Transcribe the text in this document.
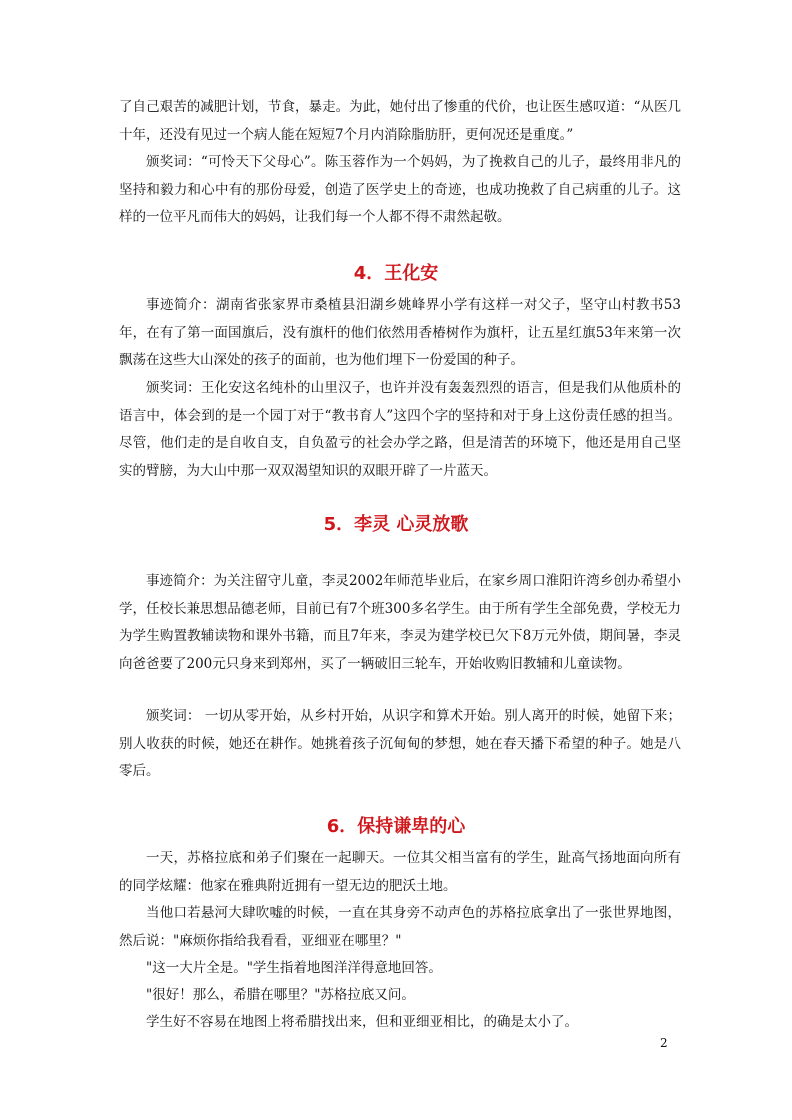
了自己艰苦的减肥计划，节食，暴走。为此，她付出了惨重的代价，也让医生感叹道：“从医几十年，还没有见过一个病人能在短短7个月内消除脂肪肝，更何况还是重度。”

颁奖词：“可怜天下父母心”。陈玉蓉作为一个妈妈，为了挽救自己的儿子，最终用非凡的坚持和毅力和心中有的那份母爱，创造了医学史上的奇迹，也成功挽救了自己病重的儿子。这样的一位平凡而伟大的妈妈，让我们每一个人都不得不肃然起敬。

4．王化安

事迹简介：湖南省张家界市桑植县汨湖乡姚峰界小学有这样一对父子，坚守山村教书53年，在有了第一面国旗后，没有旗杆的他们依然用香椿树作为旗杆，让五星红旗53年来第一次飘荡在这些大山深处的孩子的面前，也为他们埋下一份爱国的种子。

颁奖词：王化安这名纯朴的山里汉子，也许并没有轰轰烈烈的语言，但是我们从他质朴的语言中，体会到的是一个园丁对于“教书育人”这四个字的坚持和对于身上这份责任感的担当。尽管，他们走的是自收自支，自负盈亏的社会办学之路，但是清苦的环境下，他还是用自己坚实的臂膀，为大山中那一双双渴望知识的双眼开辟了一片蓝天。

5．李灵 心灵放歌

事迹简介：为关注留守儿童，李灵2002年师范毕业后，在家乡周口淮阳许湾乡创办希望小学，任校长兼思想品德老师，目前已有7个班300多名学生。由于所有学生全部免费，学校无力为学生购置教辅读物和课外书籍，而且7年来，李灵为建学校已欠下8万元外债，期间暑，李灵向爸爸要了200元只身来到郑州，买了一辆破旧三轮车，开始收购旧教辅和儿童读物。

颁奖词： 一切从零开始，从乡村开始，从识字和算术开始。别人离开的时候，她留下来；别人收获的时候，她还在耕作。她挑着孩子沉甸甸的梦想，她在春天播下希望的种子。她是八零后。

6．保持谦卑的心

一天，苏格拉底和弟子们聚在一起聊天。一位其父相当富有的学生，趾高气扬地面向所有的同学炫耀：他家在雅典附近拥有一望无边的肥沃土地。

当他口若悬河大肆吹嘘的时候，一直在其身旁不动声色的苏格拉底拿出了一张世界地图，然后说："麻烦你指给我看看，亚细亚在哪里？"

"这一大片全是。"学生指着地图洋洋得意地回答。

"很好！那么，希腊在哪里？"苏格拉底又问。

学生好不容易在地图上将希腊找出来，但和亚细亚相比，的确是太小了。

2
